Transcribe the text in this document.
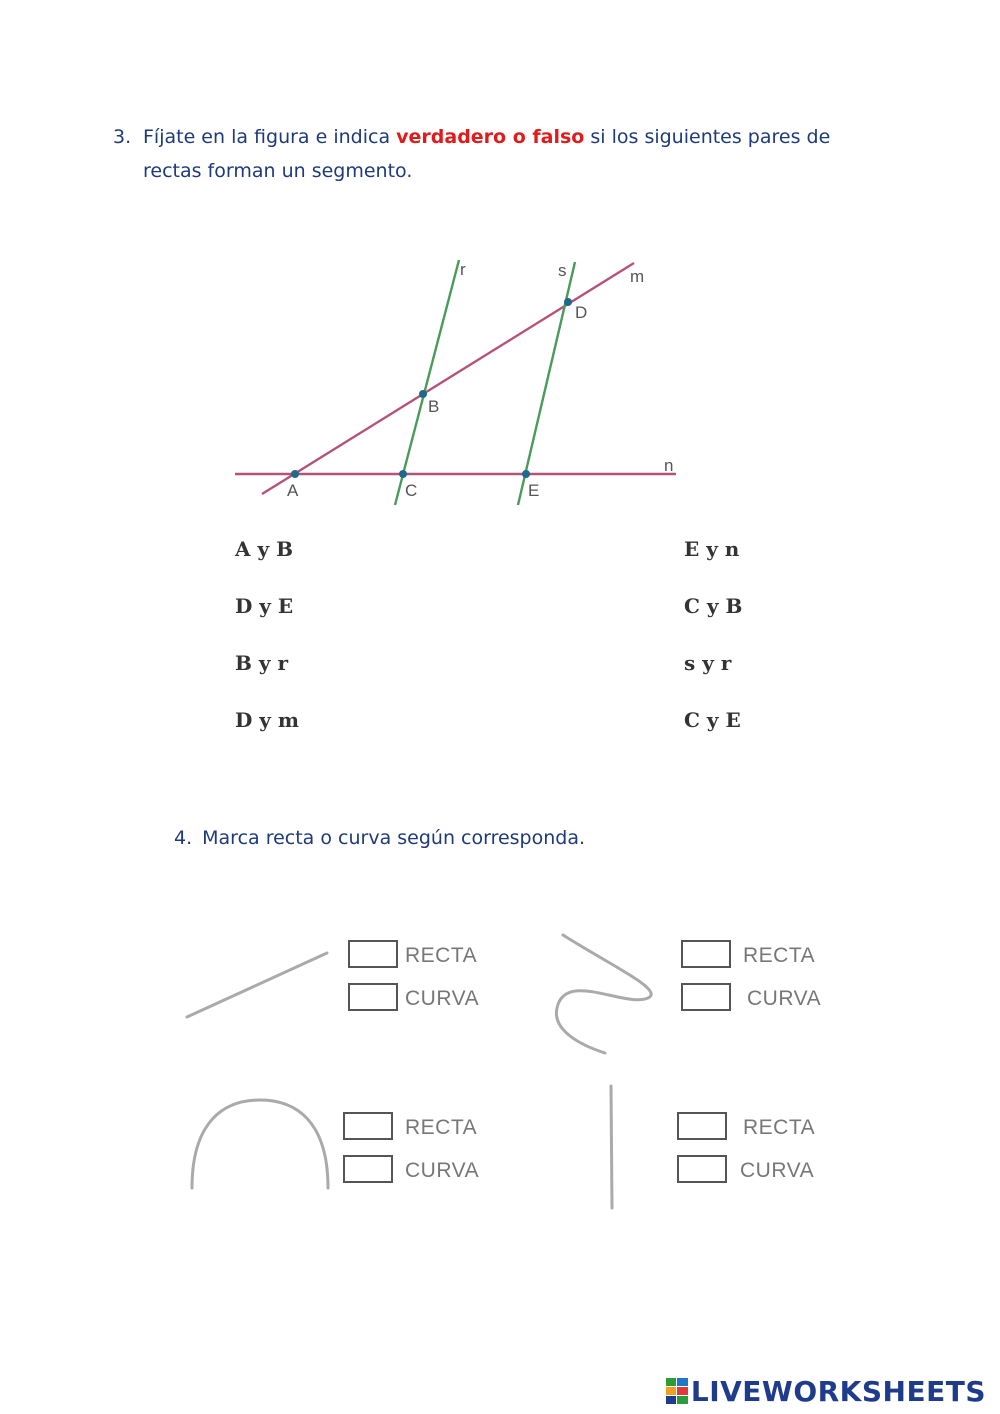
3. Fíjate en la figura e indica verdadero o falso si los siguientes pares de rectas forman un segmento.
r	s	m
n
A
B
C
D
E
A y B
D y E
B y r
D y m
E y n
C y B
s y r
C y E
4. Marca recta o curva según corresponda.
RECTA
CURVA
RECTA
CURVA
RECTA
CURVA
RECTA
CURVA
LIVEWORKSHEETS
